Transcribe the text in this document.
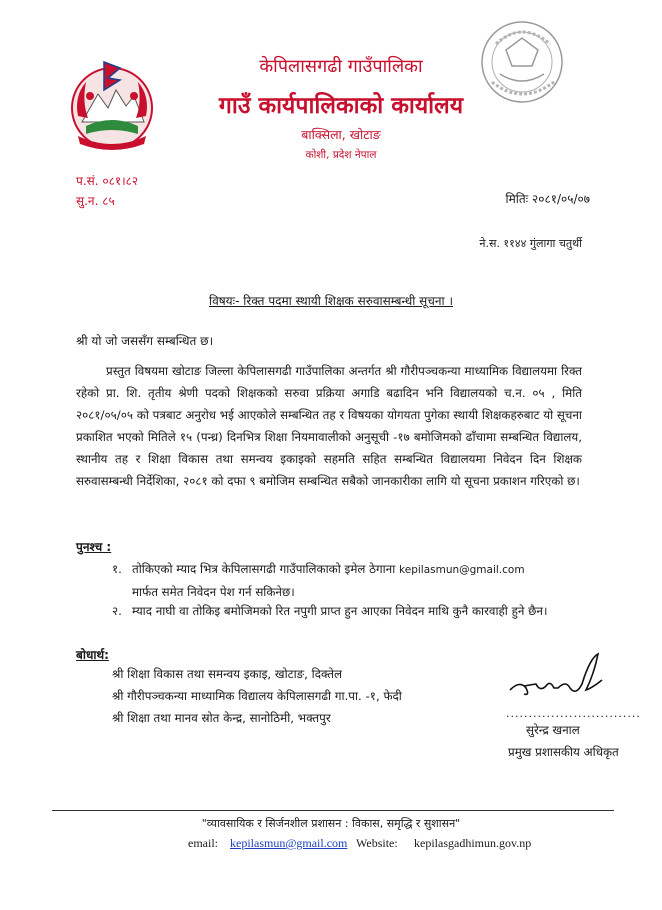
केपिलासगढी गाउँपालिका
गाउँ कार्यपालिकाको कार्यालय
बाक्सिला, खोटाङ
कोशी, प्रदेश नेपाल
प.सं. ०८१।८२
सु.न. ८५	मितिः २०८१/०५/०७
ने.स. ११४४ गुंलागा चतुर्थी
विषयः- रिक्त पदमा स्थायी शिक्षक सरुवासम्बन्धी सूचना ।
श्री यो जो जससँग सम्बन्धित छ।
प्रस्तुत विषयमा खोटाङ जिल्ला केपिलासगढी गाउँपालिका अन्तर्गत श्री गौरीपञ्चकन्या माध्यामिक विद्यालयमा रिक्त रहेको प्रा. शि. तृतीय श्रेणी पदको शिक्षकको सरुवा प्रक्रिया अगाडि बढादिन भनि विद्यालयको च.न. ०५ , मिति २०८१/०५/०५ को पत्रबाट अनुरोध भई आएकोले सम्बन्धित तह र विषयका योगयता पुगेका स्थायी शिक्षकहरुबाट यो सूचना प्रकाशित भएको मितिले १५ (पन्ध्र) दिनभित्र शिक्षा नियमावालीको अनुसूची -१७ बमोजिमको ढाँचामा सम्बन्धित विद्यालय, स्थानीय तह र शिक्षा विकास तथा समन्वय इकाइको सहमति सहित सम्बन्धित विद्यालयमा निवेदन दिन शिक्षक सरुवासम्बन्धी निर्देशिका, २०८१ को दफा ९ बमोजिम सम्बन्धित सबैको जानकारीका लागि यो सूचना प्रकाशन गरिएको छ।
पुनश्च :
१. तोकिएको म्याद भित्र केपिलासगढी गाउँपालिकाको इमेल ठेगाना kepilasmun@gmail.com
मार्फत समेत निवेदन पेश गर्न सकिनेछ।
२. म्याद नाघी वा तोकिइ बमोजिमको रित नपुगी प्राप्त हुन आएका निवेदन माथि कुनै कारवाही हुने छैन।
बोधार्थ:
श्री शिक्षा विकास तथा समन्वय इकाइ, खोटाङ, दिक्तेल
श्री गौरीपञ्चकन्या माध्यामिक विद्यालय केपिलासगढी गा.पा. -१, फेदी
श्री शिक्षा तथा मानव स्रोत केन्द्र, सानोठिमी, भक्तपुर	..............................
सुरेन्द्र खनाल
प्रमुख प्रशासकीय अधिकृत
"व्यावसायिक र सिर्जनशील प्रशासन : विकास, समृद्धि र सुशासन"
email: kepilasmun@gmail.com Website: kepilasgadhimun.gov.np
